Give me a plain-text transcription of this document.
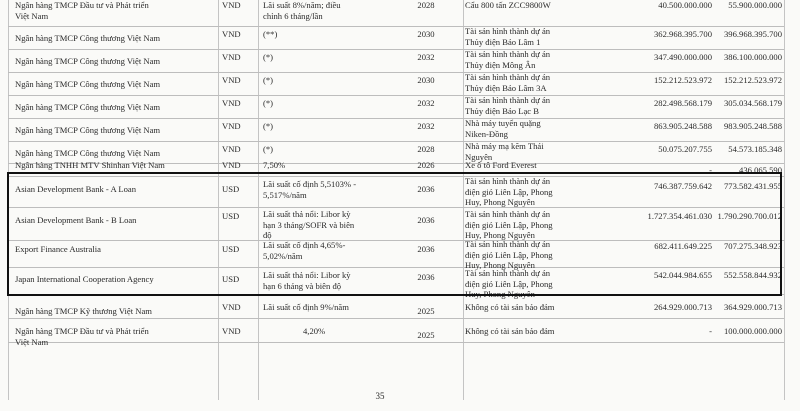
Ngân hàng TMCP Đầu tư và Phát triển
Việt Nam
VND	Lãi suất 8%/năm; điều
chỉnh 6 tháng/lần
2028	Cẩu 800 tấn ZCC9800W	40.500.000.000	55.900.000.000
Ngân hàng TMCP Công thương Việt Nam	VND	(**)	2030	Tài sản hình thành dự án
Thủy điện Bảo Lâm 1
362.968.395.700	396.968.395.700
Ngân hàng TMCP Công thương Việt Nam	VND	(*)	2032	Tài sản hình thành dự án
Thủy điện Mông Ân
347.490.000.000	386.100.000.000
Ngân hàng TMCP Công thương Việt Nam	VND	(*)	2030	Tài sản hình thành dự án
Thủy điện Bảo Lâm 3A
152.212.523.972	152.212.523.972
Ngân hàng TMCP Công thương Việt Nam	VND	(*)	2032	Tài sản hình thành dự án
Thủy điện Bảo Lạc B
282.498.568.179	305.034.568.179
Ngân hàng TMCP Công thương Việt Nam	VND	(*)	2032	Nhà máy tuyển quặng
Niken-Đồng
863.905.248.588	983.905.248.588
Ngân hàng TMCP Công thương Việt Nam	VND	(*)	2028	Nhà máy mạ kẽm Thái
Nguyên
50.075.207.755	54.573.185.348
Ngân hàng TNHH MTV Shinhan Việt Nam	VND	7,50%	2026	Xe ô tô Ford Everest	-	436.065.590
Asian Development Bank - A Loan	USD	Lãi suất cố định 5,5103% -
5,517%/năm
2036
Tài sản hình thành dự án
điện gió Liên Lập, Phong
Huy, Phong Nguyên
746.387.759.642	773.582.431.955
Asian Development Bank - B Loan	USD	Lãi suất thả nổi: Libor kỳ
hạn 3 tháng/SOFR và biên
độ
2036
Tài sản hình thành dự án
điện gió Liên Lập, Phong
Huy, Phong Nguyên
1.727.354.461.030 1.790.290.700.012
Export Finance Australia	USD	Lãi suất cố định 4,65%-
5,02%/năm
2036	Tài sản hình thành dự án
điện gió Liên Lập, Phong
Huy, Phong Nguyên
682.411.649.225	707.275.348.923
Japan International Cooperation Agency	USD	Lãi suất thả nổi: Libor kỳ
hạn 6 tháng và biên độ
2036	Tài sản hình thành dự án
điện gió Liên Lập, Phong
Huy, Phong Nguyên
542.044.984.655	552.558.844.932
Ngân hàng TMCP Kỹ thương Việt Nam	VND	Lãi suất cố định 9%/năm	2025	Không có tài sản bảo đảm	264.929.000.713	364.929.000.713
Ngân hàng TMCP Đầu tư và Phát triển
Việt Nam
VND	4,20%	2025	Không có tài sản bảo đảm	-	100.000.000.000
35
